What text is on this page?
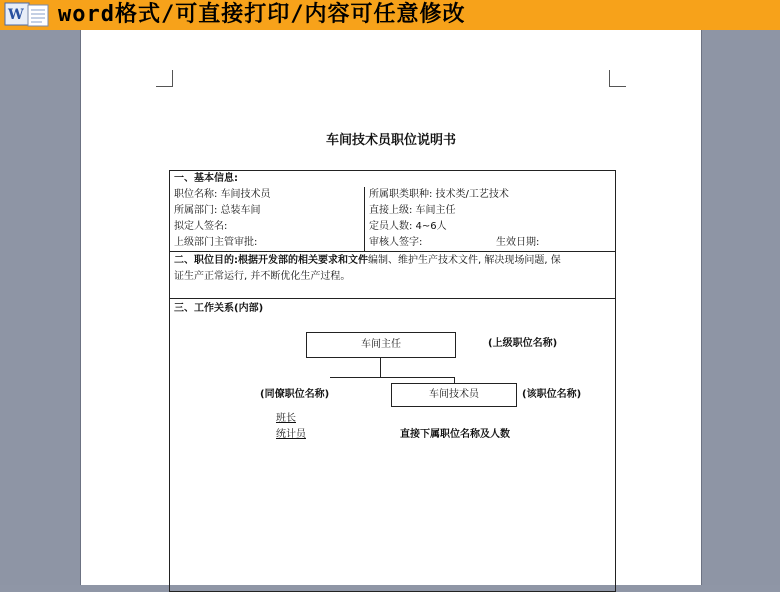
W word格式/可直接打印/内容可任意修改
车间技术员职位说明书
一、基本信息:
职位名称: 车间技术员	所属职类职种: 技术类/工艺技术
所属部门: 总装车间	直接上级: 车间主任
拟定人签名:	定员人数: 4~6人
上级部门主管审批:	审核人签字:	生效日期:
二、职位目的:根据开发部的相关要求和文件编制、维护生产技术文件, 解决现场问题, 保
证生产正常运行, 并不断优化生产过程。
三、工作关系(内部)
车间主任	(上级职位名称)
(同僚职位名称)	车间技术员	(该职位名称)
班长
统计员	直接下属职位名称及人数
